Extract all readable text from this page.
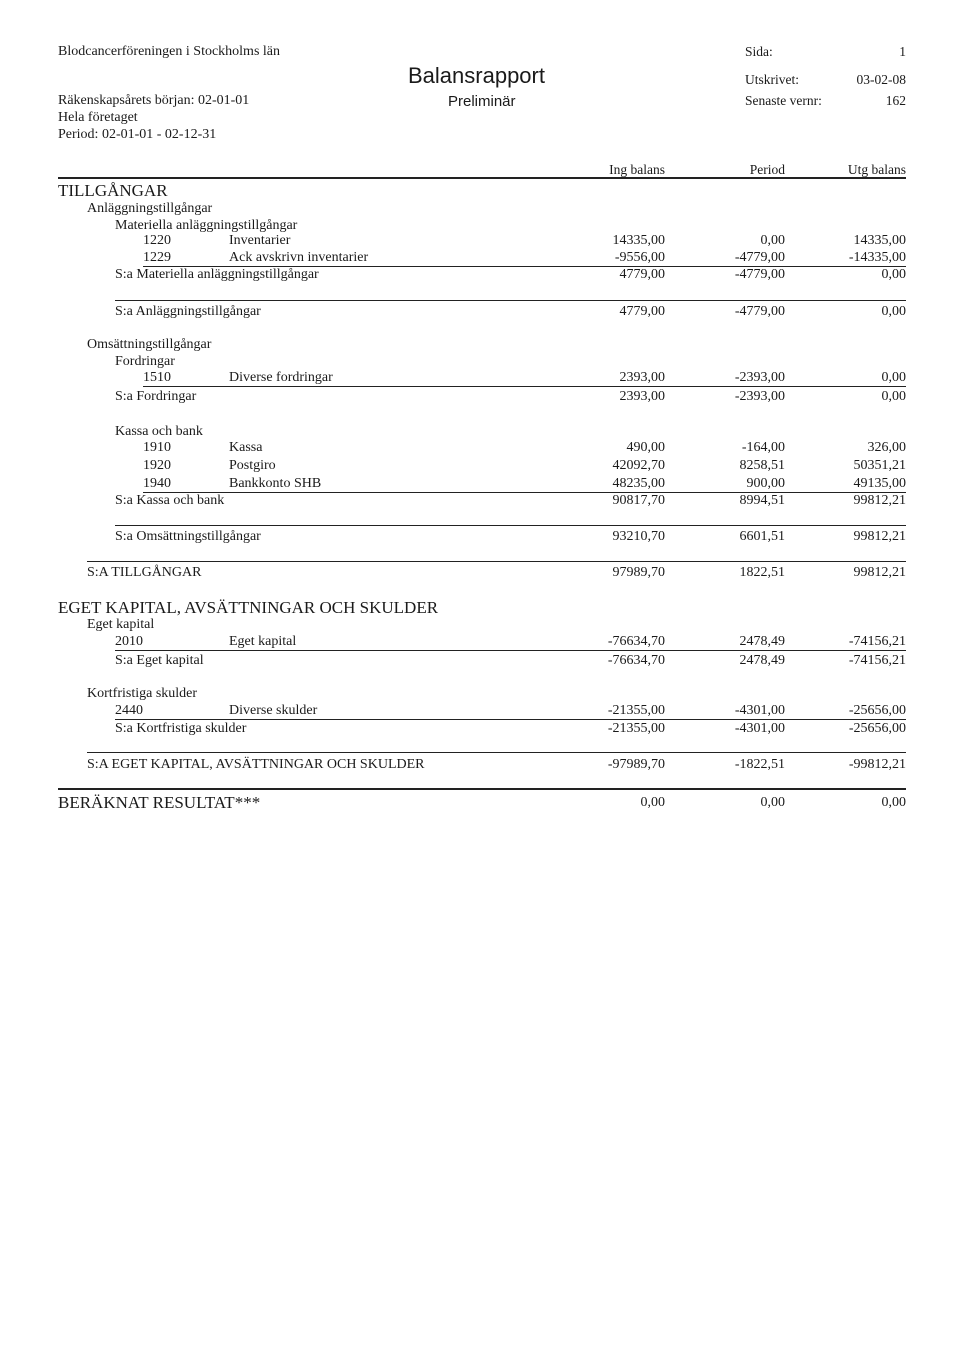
Blodcancerföreningen i Stockholms län
Räkenskapsårets början: 02-01-01
Hela företaget
Period: 02-01-01 - 02-12-31
Balansrapport
Preliminär
Sida:	1
Utskrivet:	03-02-08
Senaste vernr:	162
Ing balans	Period	Utg balans
TILLGÅNGAR
Anläggningstillgångar
Materiella anläggningstillgångar
1220	Inventarier	14335,00	0,00	14335,00
1229	Ack avskrivn inventarier	-9556,00	-4779,00	-14335,00
S:a Materiella anläggningstillgångar	4779,00	-4779,00	0,00
S:a Anläggningstillgångar	4779,00	-4779,00	0,00
Omsättningstillgångar
Fordringar
1510	Diverse fordringar	2393,00	-2393,00	0,00
S:a Fordringar	2393,00	-2393,00	0,00
Kassa och bank
1910	Kassa	490,00	-164,00	326,00
1920	Postgiro	42092,70	8258,51	50351,21
1940	Bankkonto SHB	48235,00	900,00	49135,00
S:a Kassa och bank	90817,70	8994,51	99812,21
S:a Omsättningstillgångar	93210,70	6601,51	99812,21
S:A TILLGÅNGAR	97989,70	1822,51	99812,21
EGET KAPITAL, AVSÄTTNINGAR OCH SKULDER
Eget kapital
2010	Eget kapital	-76634,70	2478,49	-74156,21
S:a Eget kapital	-76634,70	2478,49	-74156,21
Kortfristiga skulder
2440	Diverse skulder	-21355,00	-4301,00	-25656,00
S:a Kortfristiga skulder	-21355,00	-4301,00	-25656,00
S:A EGET KAPITAL, AVSÄTTNINGAR OCH SKULDER	-97989,70	-1822,51	-99812,21
BERÄKNAT RESULTAT***	0,00	0,00	0,00
